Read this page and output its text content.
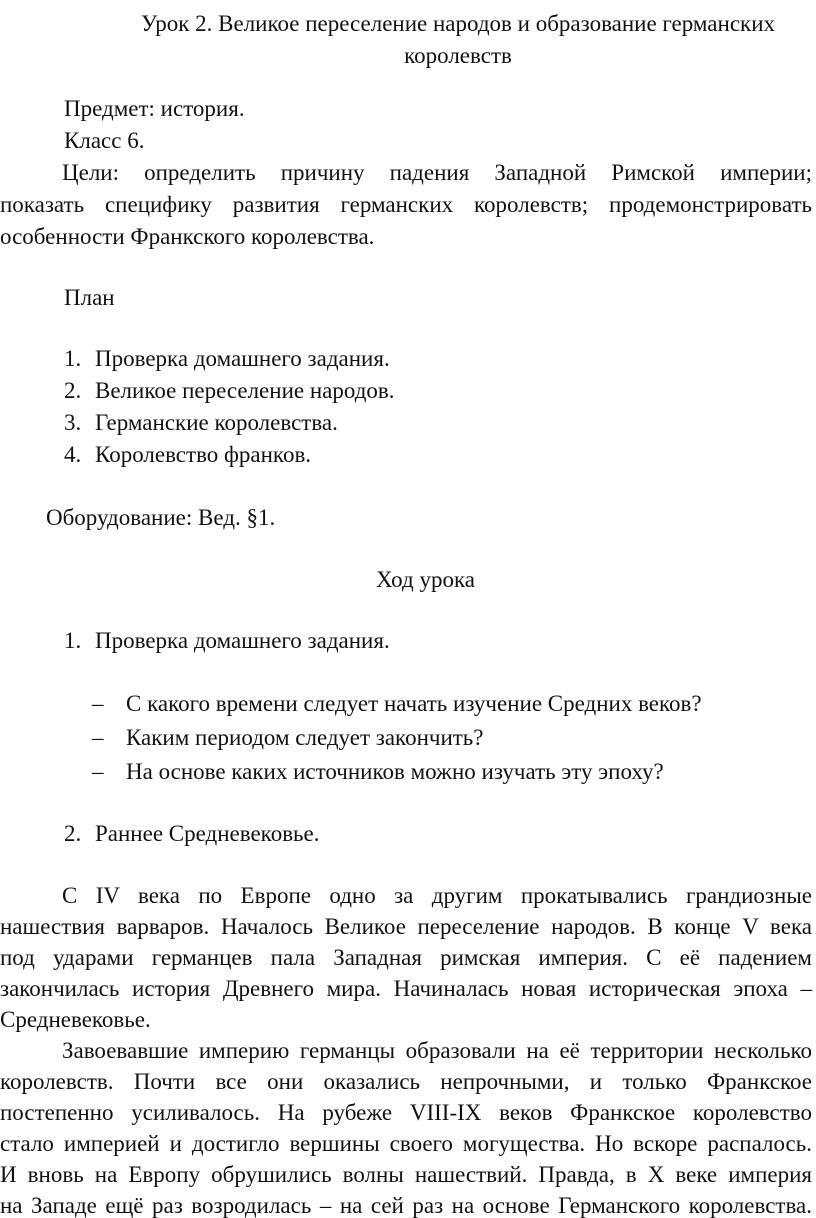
Урок 2. Великое переселение народов и образование германских королевств
Предмет: история.
Класс 6.
Цели: определить причину падения Западной Римской империи;
показать специфику развития германских королевств; продемонстрировать
особенности Франкского королевства.
План
1. Проверка домашнего задания.
2. Великое переселение народов.
3. Германские королевства.
4. Королевство франков.
Оборудование: Вед. §1.
Ход урока
1. Проверка домашнего задания.
– С какого времени следует начать изучение Средних веков?
– Каким периодом следует закончить?
– На основе каких источников можно изучать эту эпоху?
2. Раннее Средневековье.
С IV века по Европе одно за другим прокатывались грандиозные
нашествия варваров. Началось Великое переселение народов. В конце V века
под ударами германцев пала Западная римская империя. С её падением
закончилась история Древнего мира. Начиналась новая историческая эпоха –
Средневековье.
Завоевавшие империю германцы образовали на её территории несколько
королевств. Почти все они оказались непрочными, и только Франкское
постепенно усиливалось. На рубеже VIII-IX веков Франкское королевство
стало империей и достигло вершины своего могущества. Но вскоре распалось.
И вновь на Европу обрушились волны нашествий. Правда, в X веке империя
на Западе ещё раз возродилась – на сей раз на основе Германского королевства.
